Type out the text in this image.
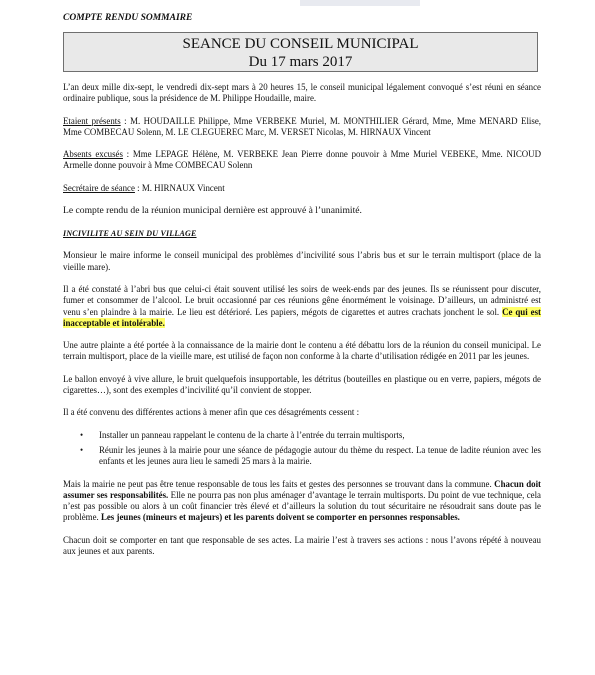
COMPTE RENDU SOMMAIRE
SEANCE DU CONSEIL MUNICIPAL
Du 17 mars 2017

L’an deux mille dix-sept, le vendredi dix-sept mars à 20 heures 15, le conseil municipal légalement convoqué s’est réuni en séance ordinaire publique, sous la présidence de M. Philippe Houdaille, maire.

Etaient présents : M. HOUDAILLE Philippe, Mme VERBEKE Muriel, M. MONTHILIER Gérard, Mme, Mme MENARD Elise, Mme COMBECAU Solenn, M. LE CLEGUEREC Marc, M. VERSET Nicolas, M. HIRNAUX Vincent

Absents excusés : Mme LEPAGE Hélène, M. VERBEKE Jean Pierre donne pouvoir à Mme Muriel VEBEKE, Mme. NICOUD Armelle donne pouvoir à Mme COMBECAU Solenn

Secrétaire de séance : M. HIRNAUX Vincent

Le compte rendu de la réunion municipal dernière est approuvé à l’unanimité.

INCIVILITE AU SEIN DU VILLAGE

Monsieur le maire informe le conseil municipal des problèmes d’incivilité sous l’abris bus et sur le terrain multisport (place de la vieille mare).

Il a été constaté à l’abri bus que celui-ci était souvent utilisé les soirs de week-ends par des jeunes. Ils se réunissent pour discuter, fumer et consommer de l’alcool. Le bruit occasionné par ces réunions gêne énormément le voisinage. D’ailleurs, un administré est venu s’en plaindre à la mairie. Le lieu est détérioré. Les papiers, mégots de cigarettes et autres crachats jonchent le sol. Ce qui est inacceptable et intolérable.

Une autre plainte a été portée à la connaissance de la mairie dont le contenu a été débattu lors de la réunion du conseil municipal. Le terrain multisport, place de la vieille mare, est utilisé de façon non conforme à la charte d’utilisation rédigée en 2011 par les jeunes.

Le ballon envoyé à vive allure, le bruit quelquefois insupportable, les détritus (bouteilles en plastique ou en verre, papiers, mégots de cigarettes…), sont des exemples d’incivilité qu’il convient de stopper.

Il a été convenu des différentes actions à mener afin que ces désagréments cessent :

• Installer un panneau rappelant le contenu de la charte à l’entrée du terrain multisports,
• Réunir les jeunes à la mairie pour une séance de pédagogie autour du thème du respect. La tenue de ladite réunion avec les enfants et les jeunes aura lieu le samedi 25 mars à la mairie.

Mais la mairie ne peut pas être tenue responsable de tous les faits et gestes des personnes se trouvant dans la commune. Chacun doit assumer ses responsabilités. Elle ne pourra pas non plus aménager d’avantage le terrain multisports. Du point de vue technique, cela n’est pas possible ou alors à un coût financier très élevé et d’ailleurs la solution du tout sécuritaire ne résoudrait sans doute pas le problème. Les jeunes (mineurs et majeurs) et les parents doivent se comporter en personnes responsables.

Chacun doit se comporter en tant que responsable de ses actes. La mairie l’est à travers ses actions : nous l’avons répété à nouveau aux jeunes et aux parents.
